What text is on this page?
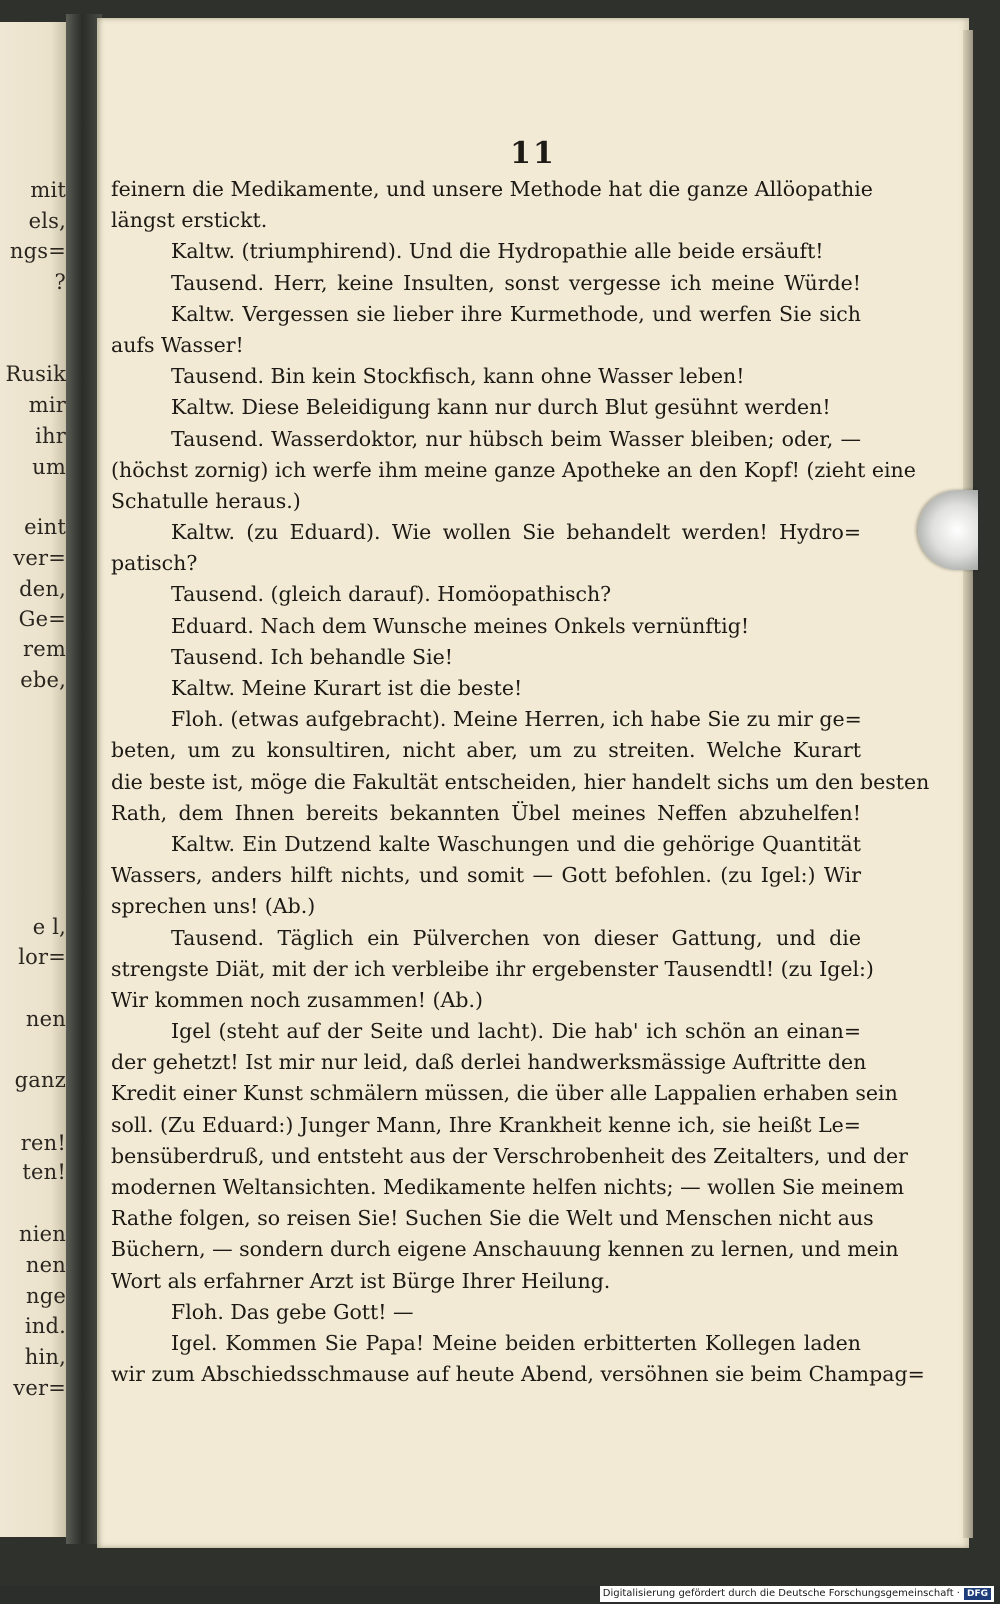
mit
els,
ngs=
?
Rusik
mir
ihr
um
eint
ver=
den,
Ge=
rem
ebe,
e l,
lor=
nen
ganz
ren!
ten!
nien
nen
nge
ind.
hin,
ver=
11
feinern die Medikamente, und unsere Methode hat die ganze Allöopathie
längst erstickt.
Kaltw. (triumphirend). Und die Hydropathie alle beide ersäuft!
Tausend. Herr, keine Insulten, sonst vergesse ich meine Würde!
Kaltw. Vergessen sie lieber ihre Kurmethode, und werfen Sie sich
aufs Wasser!
Tausend. Bin kein Stockfisch, kann ohne Wasser leben!
Kaltw. Diese Beleidigung kann nur durch Blut gesühnt werden!
Tausend. Wasserdoktor, nur hübsch beim Wasser bleiben; oder, —
(höchst zornig) ich werfe ihm meine ganze Apotheke an den Kopf! (zieht eine
Schatulle heraus.)
Kaltw. (zu Eduard). Wie wollen Sie behandelt werden! Hydro=
patisch?
Tausend. (gleich darauf). Homöopathisch?
Eduard. Nach dem Wunsche meines Onkels vernünftig!
Tausend. Ich behandle Sie!
Kaltw. Meine Kurart ist die beste!
Floh. (etwas aufgebracht). Meine Herren, ich habe Sie zu mir ge=
beten, um zu konsultiren, nicht aber, um zu streiten. Welche Kurart
die beste ist, möge die Fakultät entscheiden, hier handelt sichs um den besten
Rath, dem Ihnen bereits bekannten Übel meines Neffen abzuhelfen!
Kaltw. Ein Dutzend kalte Waschungen und die gehörige Quantität
Wassers, anders hilft nichts, und somit — Gott befohlen. (zu Igel:) Wir
sprechen uns! (Ab.)
Tausend. Täglich ein Pülverchen von dieser Gattung, und die
strengste Diät, mit der ich verbleibe ihr ergebenster Tausendtl! (zu Igel:)
Wir kommen noch zusammen! (Ab.)
Igel (steht auf der Seite und lacht). Die hab' ich schön an einan=
der gehetzt! Ist mir nur leid, daß derlei handwerksmässige Auftritte den
Kredit einer Kunst schmälern müssen, die über alle Lappalien erhaben sein
soll. (Zu Eduard:) Junger Mann, Ihre Krankheit kenne ich, sie heißt Le=
bensüberdruß, und entsteht aus der Verschrobenheit des Zeitalters, und der
modernen Weltansichten. Medikamente helfen nichts; — wollen Sie meinem
Rathe folgen, so reisen Sie! Suchen Sie die Welt und Menschen nicht aus
Büchern, — sondern durch eigene Anschauung kennen zu lernen, und mein
Wort als erfahrner Arzt ist Bürge Ihrer Heilung.
Floh. Das gebe Gott! —
Igel. Kommen Sie Papa! Meine beiden erbitterten Kollegen laden
wir zum Abschiedsschmause auf heute Abend, versöhnen sie beim Champag=
Digitalisierung gefördert durch die Deutsche Forschungsgemeinschaft · DFG
